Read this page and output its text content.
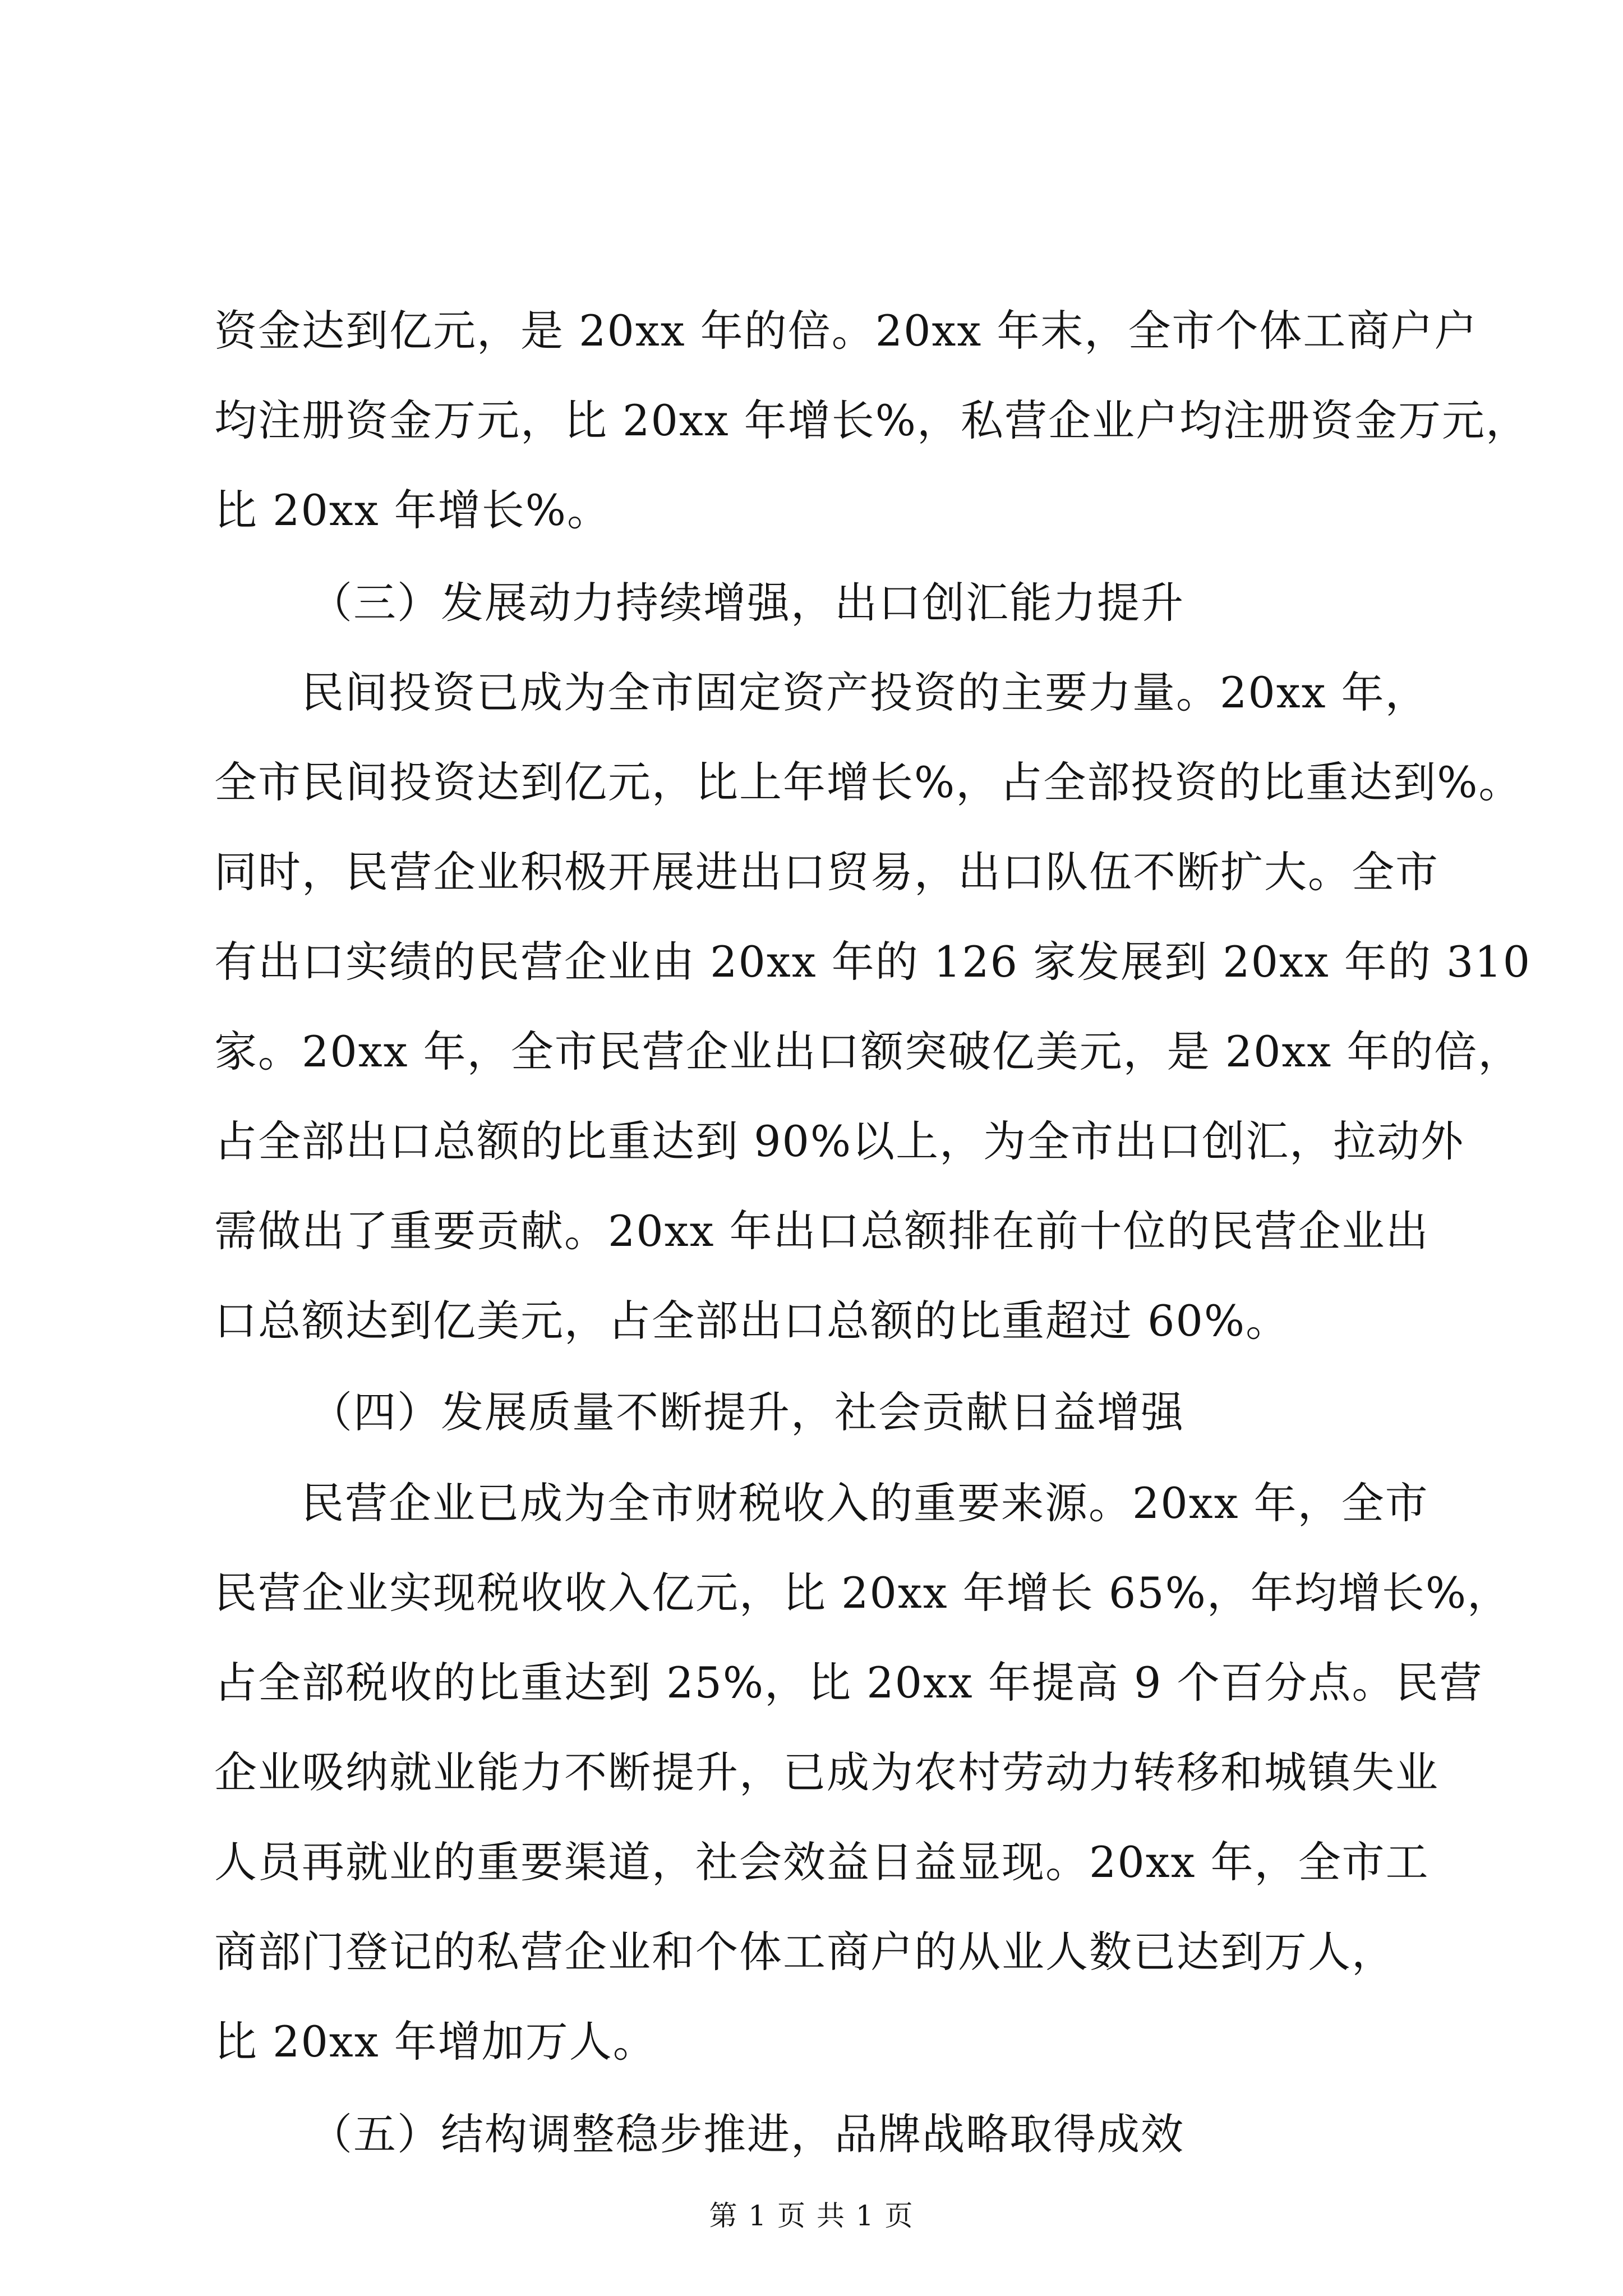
资金达到亿元，是 20xx 年的倍。20xx 年末，全市个体工商户户
均注册资金万元，比 20xx 年增长%，私营企业户均注册资金万元，
比 20xx 年增长%。
（三）发展动力持续增强，出口创汇能力提升
民间投资已成为全市固定资产投资的主要力量。20xx 年，
全市民间投资达到亿元，比上年增长%，占全部投资的比重达到%。
同时，民营企业积极开展进出口贸易，出口队伍不断扩大。全市
有出口实绩的民营企业由 20xx 年的 126 家发展到 20xx 年的 310
家。20xx 年，全市民营企业出口额突破亿美元，是 20xx 年的倍，
占全部出口总额的比重达到 90%以上，为全市出口创汇，拉动外
需做出了重要贡献。20xx 年出口总额排在前十位的民营企业出
口总额达到亿美元，占全部出口总额的比重超过 60%。
（四）发展质量不断提升，社会贡献日益增强
民营企业已成为全市财税收入的重要来源。20xx 年，全市
民营企业实现税收收入亿元，比 20xx 年增长 65%，年均增长%，
占全部税收的比重达到 25%，比 20xx 年提高 9 个百分点。民营
企业吸纳就业能力不断提升，已成为农村劳动力转移和城镇失业
人员再就业的重要渠道，社会效益日益显现。20xx 年，全市工
商部门登记的私营企业和个体工商户的从业人数已达到万人，
比 20xx 年增加万人。
（五）结构调整稳步推进，品牌战略取得成效
第 1 页 共 1 页
